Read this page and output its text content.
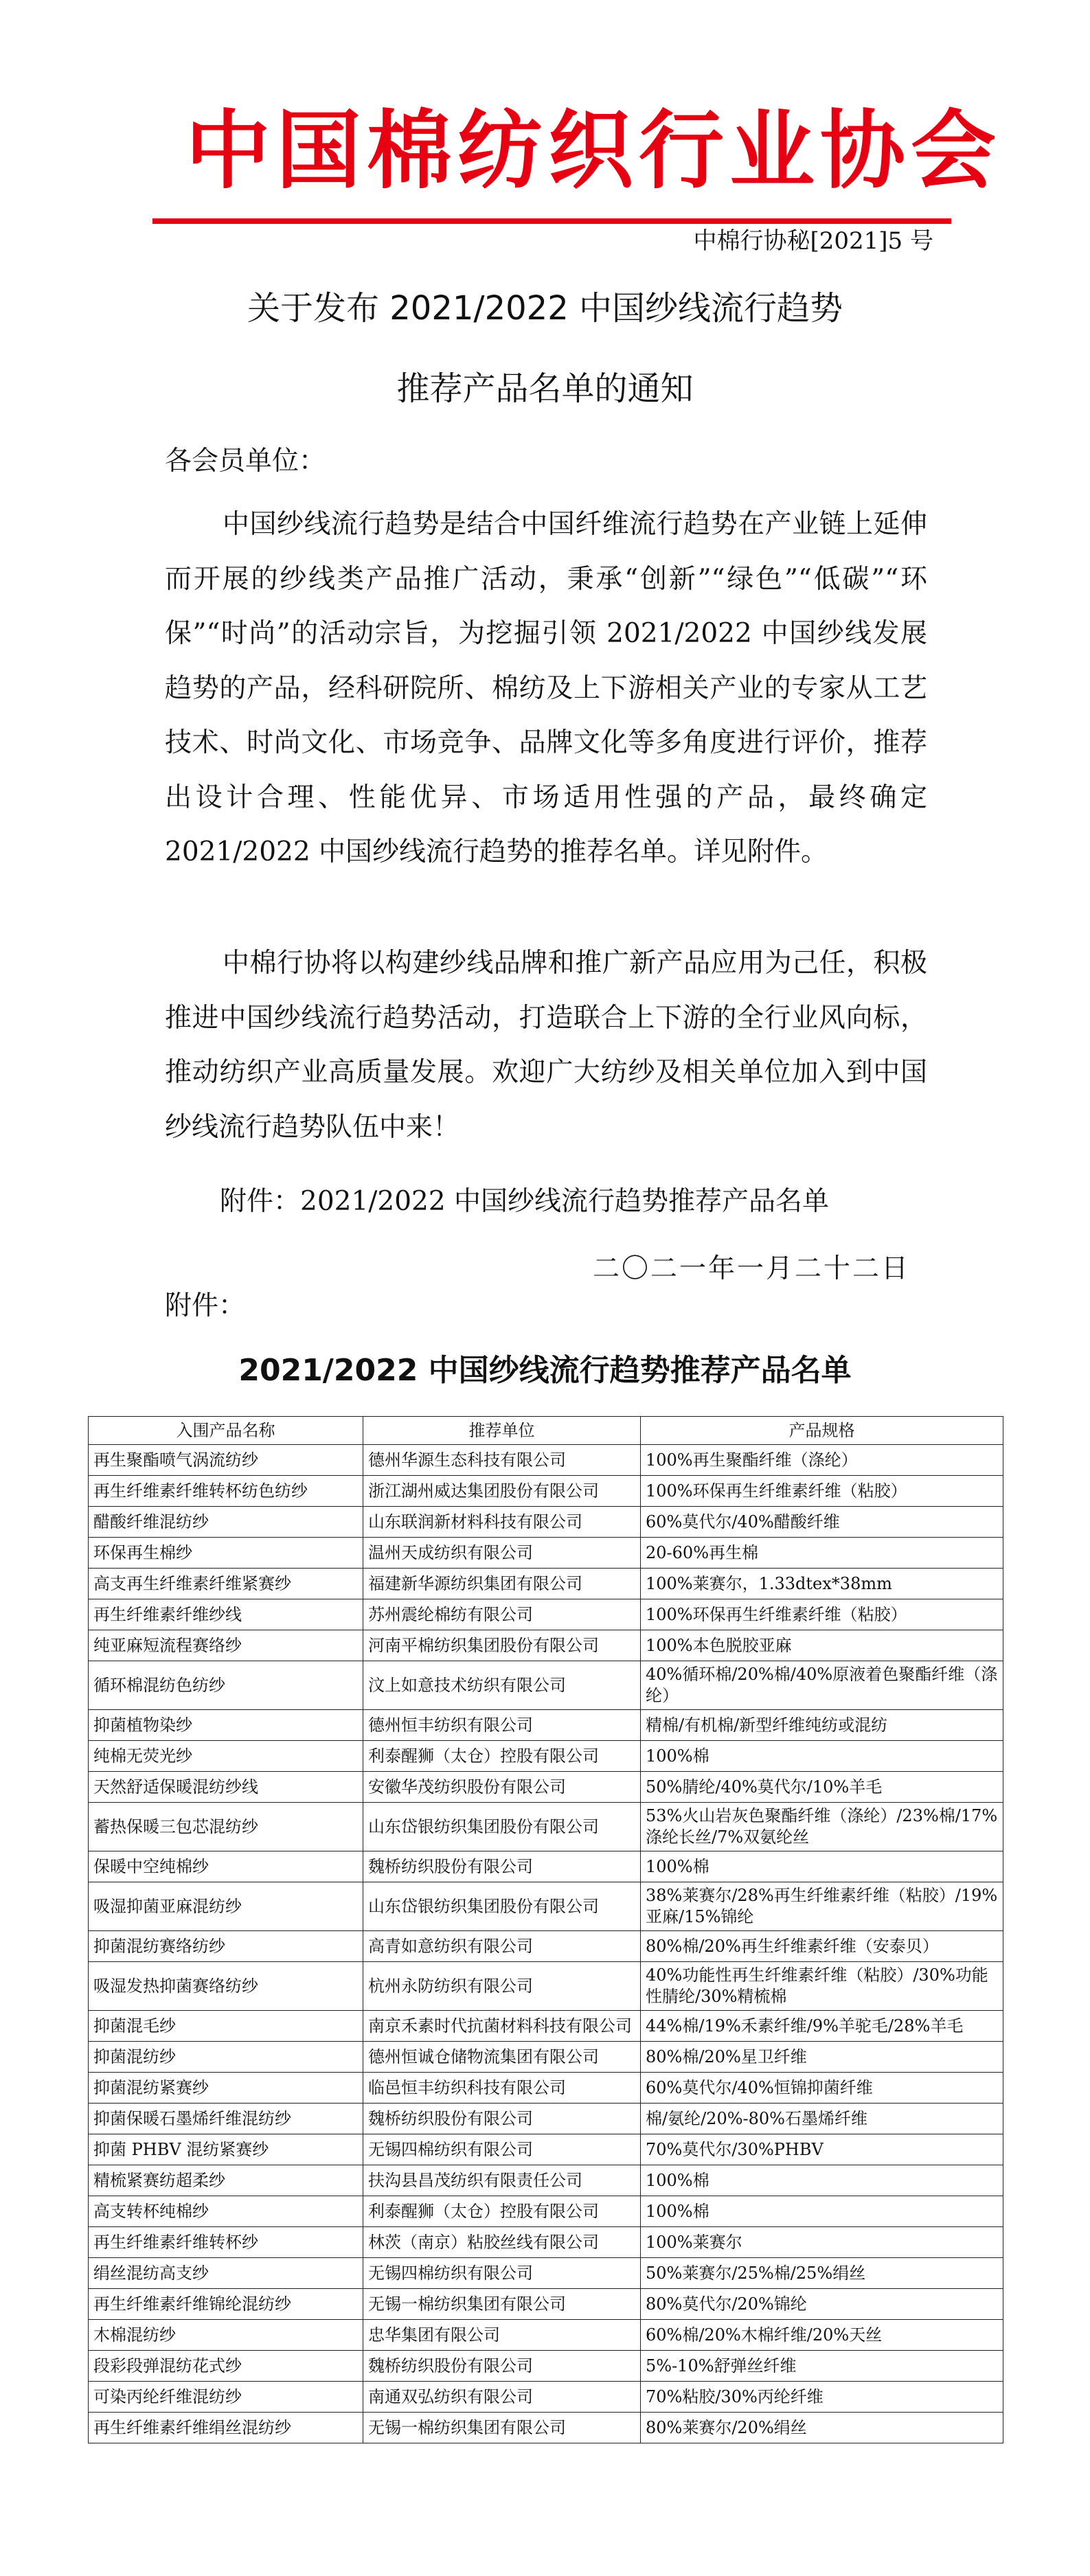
中国棉纺织行业协会
中棉行协秘[2021]5 号
关于发布 2021/2022 中国纱线流行趋势
推荐产品名单的通知
各会员单位：

中国纱线流行趋势是结合中国纤维流行趋势在产业链上延伸而开展的纱线类产品推广活动，秉承“创新”“绿色”“低碳”“环保”“时尚”的活动宗旨，为挖掘引领 2021/2022 中国纱线发展趋势的产品，经科研院所、棉纺及上下游相关产业的专家从工艺技术、时尚文化、市场竞争、品牌文化等多角度进行评价，推荐出设计合理、性能优异、市场适用性强的产品，最终确定 2021/2022 中国纱线流行趋势的推荐名单。详见附件。

中棉行协将以构建纱线品牌和推广新产品应用为己任，积极推进中国纱线流行趋势活动，打造联合上下游的全行业风向标，推动纺织产业高质量发展。欢迎广大纺纱及相关单位加入到中国纱线流行趋势队伍中来！

附件：2021/2022 中国纱线流行趋势推荐产品名单
二〇二一年一月二十二日
附件：
2021/2022 中国纱线流行趋势推荐产品名单
入围产品名称	推荐单位	产品规格
再生聚酯喷气涡流纺纱	德州华源生态科技有限公司	100%再生聚酯纤维（涤纶）
再生纤维素纤维转杯纺色纺纱	浙江湖州威达集团股份有限公司	100%环保再生纤维素纤维（粘胶）
醋酸纤维混纺纱	山东联润新材料科技有限公司	60%莫代尔/40%醋酸纤维
环保再生棉纱	温州天成纺织有限公司	20-60%再生棉
高支再生纤维素纤维紧赛纱	福建新华源纺织集团有限公司	100%莱赛尔，1.33dtex*38mm
再生纤维素纤维纱线	苏州震纶棉纺有限公司	100%环保再生纤维素纤维（粘胶）
纯亚麻短流程赛络纱	河南平棉纺织集团股份有限公司	100%本色脱胶亚麻
循环棉混纺色纺纱	汶上如意技术纺织有限公司	40%循环棉/20%棉/40%原液着色聚酯纤维（涤纶）
抑菌植物染纱	德州恒丰纺织有限公司	精棉/有机棉/新型纤维纯纺或混纺
纯棉无荧光纱	利泰醒狮（太仓）控股有限公司	100%棉
天然舒适保暖混纺纱线	安徽华茂纺织股份有限公司	50%腈纶/40%莫代尔/10%羊毛
蓄热保暖三包芯混纺纱	山东岱银纺织集团股份有限公司	53%火山岩灰色聚酯纤维（涤纶）/23%棉/17%涤纶长丝/7%双氨纶丝
保暖中空纯棉纱	魏桥纺织股份有限公司	100%棉
吸湿抑菌亚麻混纺纱	山东岱银纺织集团股份有限公司	38%莱赛尔/28%再生纤维素纤维（粘胶）/19%亚麻/15%锦纶
抑菌混纺赛络纺纱	高青如意纺织有限公司	80%棉/20%再生纤维素纤维（安泰贝）
吸湿发热抑菌赛络纺纱	杭州永防纺织有限公司	40%功能性再生纤维素纤维（粘胶）/30%功能性腈纶/30%精梳棉
抑菌混毛纱	南京禾素时代抗菌材料科技有限公司	44%棉/19%禾素纤维/9%羊驼毛/28%羊毛
抑菌混纺纱	德州恒诚仓储物流集团有限公司	80%棉/20%星卫纤维
抑菌混纺紧赛纱	临邑恒丰纺织科技有限公司	60%莫代尔/40%恒锦抑菌纤维
抑菌保暖石墨烯纤维混纺纱	魏桥纺织股份有限公司	棉/氨纶/20%-80%石墨烯纤维
抑菌 PHBV 混纺紧赛纱	无锡四棉纺织有限公司	70%莫代尔/30%PHBV
精梳紧赛纺超柔纱	扶沟县昌茂纺织有限责任公司	100%棉
高支转杯纯棉纱	利泰醒狮（太仓）控股有限公司	100%棉
再生纤维素纤维转杯纱	林茨（南京）粘胶丝线有限公司	100%莱赛尔
绢丝混纺高支纱	无锡四棉纺织有限公司	50%莱赛尔/25%棉/25%绢丝
再生纤维素纤维锦纶混纺纱	无锡一棉纺织集团有限公司	80%莫代尔/20%锦纶
木棉混纺纱	忠华集团有限公司	60%棉/20%木棉纤维/20%天丝
段彩段弹混纺花式纱	魏桥纺织股份有限公司	5%-10%舒弹丝纤维
可染丙纶纤维混纺纱	南通双弘纺织有限公司	70%粘胶/30%丙纶纤维
再生纤维素纤维绢丝混纺纱	无锡一棉纺织集团有限公司	80%莱赛尔/20%绢丝
